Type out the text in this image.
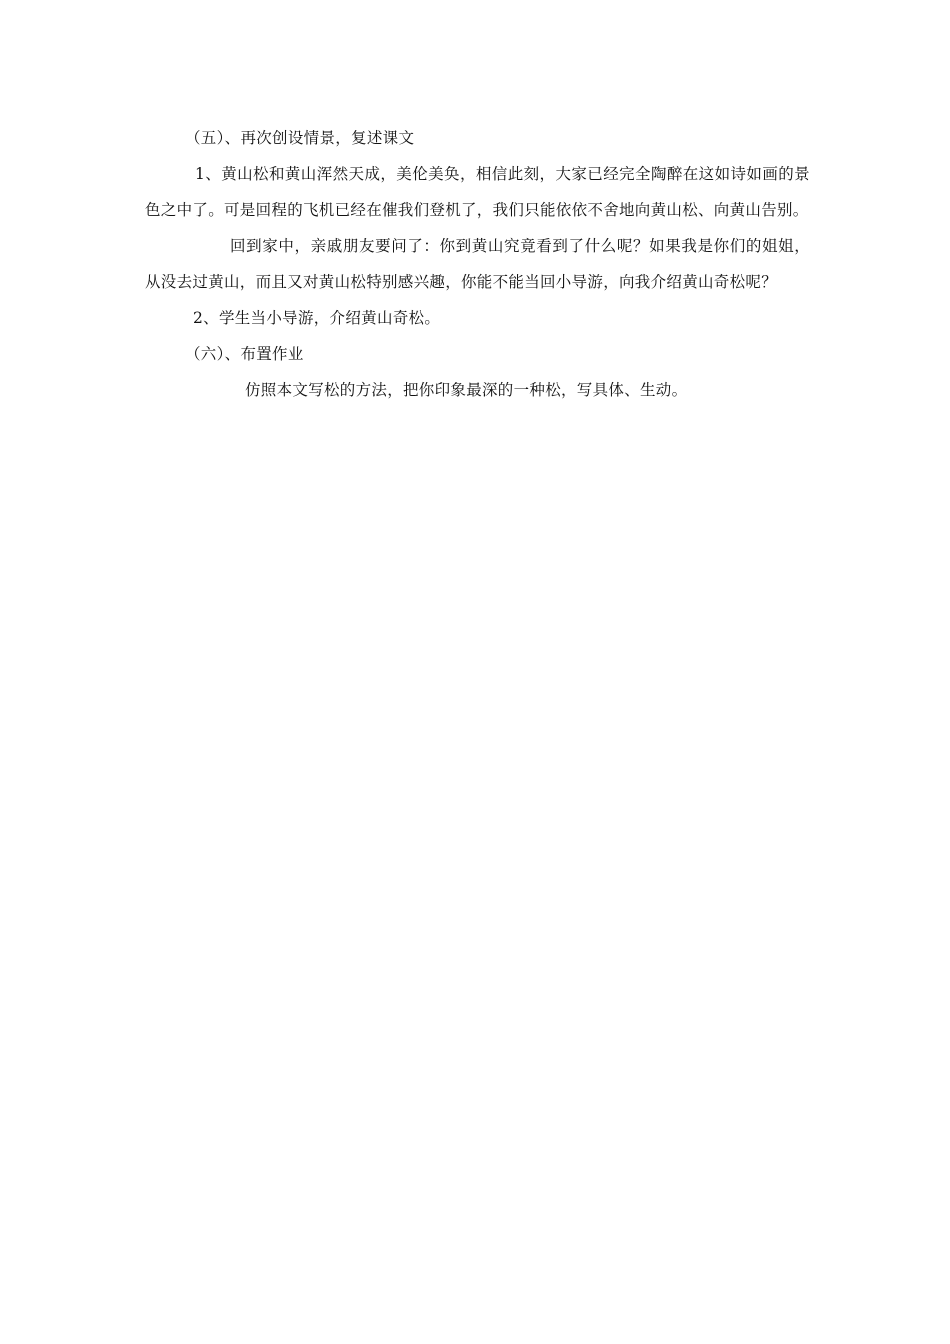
（五）、再次创设情景，复述课文

1、黄山松和黄山浑然天成，美伦美奂，相信此刻，大家已经完全陶醉在这如诗如画的景色之中了。可是回程的飞机已经在催我们登机了，我们只能依依不舍地向黄山松、向黄山告别。

回到家中，亲戚朋友要问了：你到黄山究竟看到了什么呢？如果我是你们的姐姐，从没去过黄山，而且又对黄山松特别感兴趣，你能不能当回小导游，向我介绍黄山奇松呢？

2、学生当小导游，介绍黄山奇松。

（六）、布置作业

仿照本文写松的方法，把你印象最深的一种松，写具体、生动。
